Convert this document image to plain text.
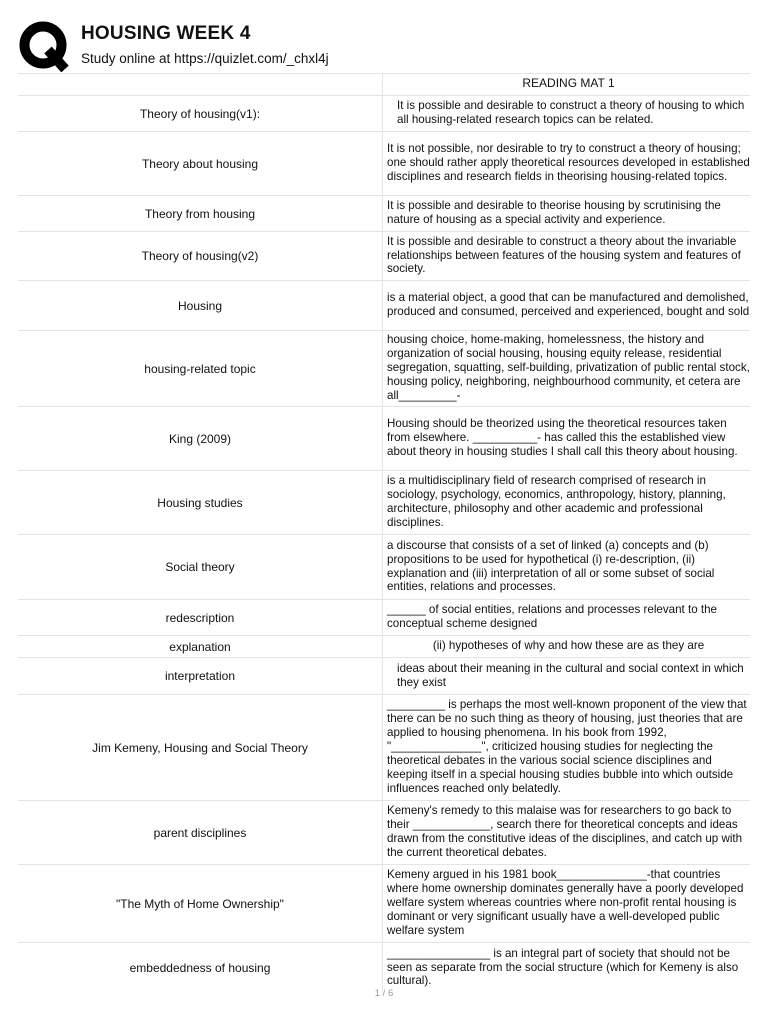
HOUSING WEEK 4
Study online at https://quizlet.com/_chxl4j
READING MAT 1
Theory of housing(v1):
It is possible and desirable to construct a theory of housing to which all housing-related research topics can be related.
Theory about housing
It is not possible, nor desirable to try to construct a theory of housing; one should rather apply theoretical resources developed in established disciplines and research fields in theorising housing-related topics.
Theory from housing
It is possible and desirable to theorise housing by scrutinising the nature of housing as a special activity and experience.
Theory of housing(v2)
It is possible and desirable to construct a theory about the invariable relationships between features of the housing system and features of society.
Housing
is a material object, a good that can be manufactured and demolished, produced and consumed, perceived and experienced, bought and sold
housing-related topic
housing choice, home-making, homelessness, the history and organization of social housing, housing equity release, residential segregation, squatting, self-building, privatization of public rental stock, housing policy, neighboring, neighbourhood community, et cetera are all_________-
King (2009)
Housing should be theorized using the theoretical resources taken from elsewhere. __________- has called this the established view about theory in housing studies I shall call this theory about housing.
Housing studies
is a multidisciplinary field of research comprised of research in sociology, psychology, economics, anthropology, history, planning, architecture, philosophy and other academic and professional disciplines.
Social theory
a discourse that consists of a set of linked (a) concepts and (b) propositions to be used for hypothetical (i) re-description, (ii) explanation and (iii) interpretation of all or some subset of social entities, relations and processes.
redescription
______ of social entities, relations and processes relevant to the conceptual scheme designed
explanation	(ii) hypotheses of why and how these are as they are
interpretation
ideas about their meaning in the cultural and social context in which they exist
Jim Kemeny, Housing and Social Theory
_________ is perhaps the most well-known proponent of the view that there can be no such thing as theory of housing, just theories that are applied to housing phenomena. In his book from 1992, "______________", criticized housing studies for neglecting the theoretical debates in the various social science disciplines and keeping itself in a special housing studies bubble into which outside influences reached only belatedly.
parent disciplines
Kemeny's remedy to this malaise was for researchers to go back to their ____________, search there for theoretical concepts and ideas drawn from the constitutive ideas of the disciplines, and catch up with the current theoretical debates.
"The Myth of Home Ownership"
Kemeny argued in his 1981 book______________-that countries where home ownership dominates generally have a poorly developed welfare system whereas countries where non-profit rental housing is dominant or very significant usually have a well-developed public welfare system
embeddedness of housing
________________ is an integral part of society that should not be seen as separate from the social structure (which for Kemeny is also cultural).
1 / 6
